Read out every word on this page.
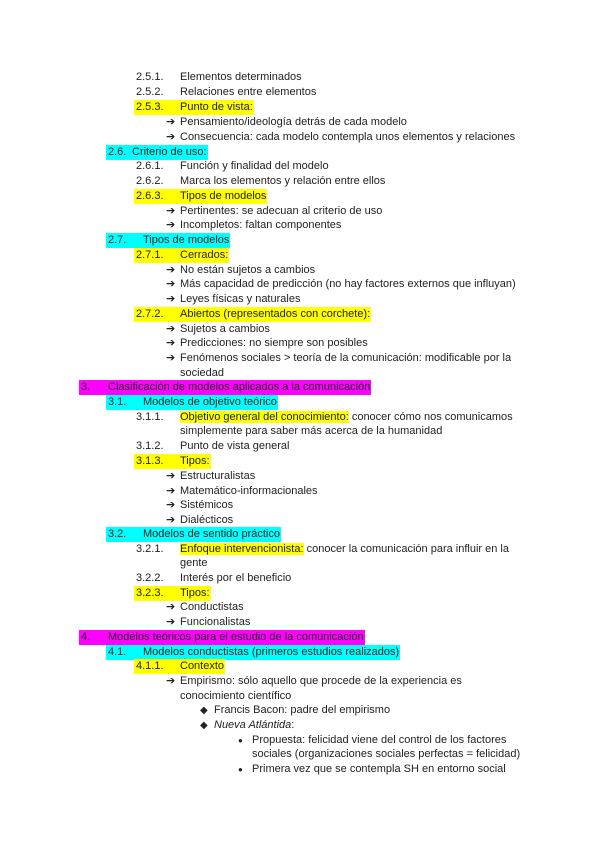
2.5.1. Elementos determinados
2.5.2. Relaciones entre elementos
2.5.3. Punto de vista:
➔ Pensamiento/ideología detrás de cada modelo
➔ Consecuencia: cada modelo contempla unos elementos y relaciones
2.6. Criterio de uso:
2.6.1. Función y finalidad del modelo
2.6.2. Marca los elementos y relación entre ellos
2.6.3. Tipos de modelos
➔ Pertinentes: se adecuan al criterio de uso
➔ Incompletos: faltan componentes
2.7. Tipos de modelos
2.7.1. Cerrados:
➔ No están sujetos a cambios
➔ Más capacidad de predicción (no hay factores externos que influyan)
➔ Leyes físicas y naturales
2.7.2. Abiertos (representados con corchete):
➔ Sujetos a cambios
➔ Predicciones: no siempre son posibles
➔ Fenómenos sociales > teoría de la comunicación: modificable por la
sociedad
3. Clasificación de modelos aplicados a la comunicación
3.1. Modelos de objetivo teórico
3.1.1. Objetivo general del conocimiento: conocer cómo nos comunicamos
simplemente para saber más acerca de la humanidad
3.1.2. Punto de vista general
3.1.3. Tipos:
➔ Estructuralistas
➔ Matemático-informacionales
➔ Sistémicos
➔ Dialécticos
3.2. Modelos de sentido práctico
3.2.1. Enfoque intervencionista: conocer la comunicación para influir en la
gente
3.2.2. Interés por el beneficio
3.2.3. Tipos:
➔ Conductistas
➔ Funcionalistas
4. Modelos teóricos para el estudio de la comunicación
4.1. Modelos conductistas (primeros estudios realizados)
4.1.1. Contexto
➔ Empirismo: sólo aquello que procede de la experiencia es
conocimiento científico
◆ Francis Bacon: padre del empirismo
◆ Nueva Atlántida:
● Propuesta: felicidad viene del control de los factores
sociales (organizaciones sociales perfectas = felicidad)
● Primera vez que se contempla SH en entorno social
